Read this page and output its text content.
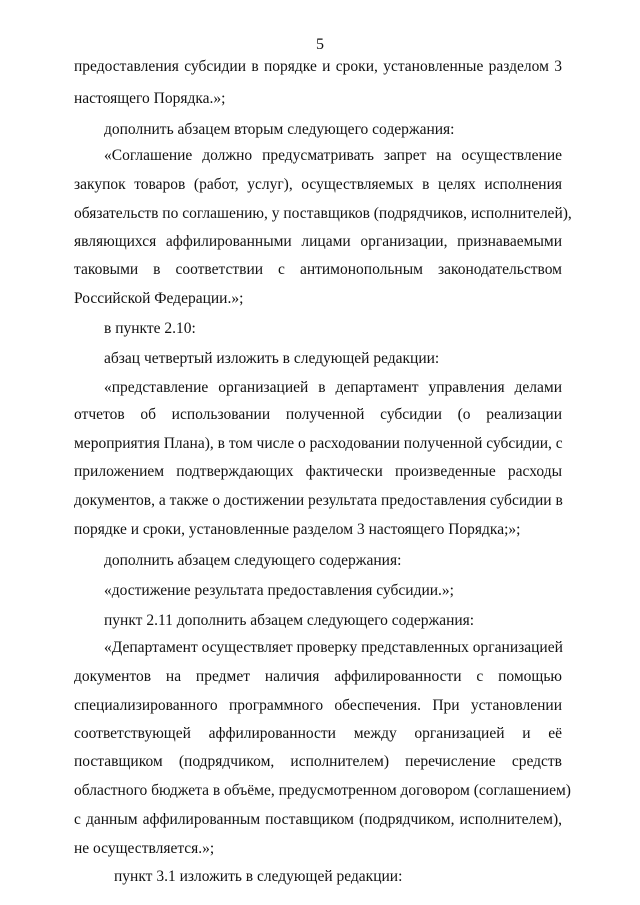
5
предоставления субсидии в порядке и сроки, установленные разделом 3
настоящего Порядка.»;
дополнить абзацем вторым следующего содержания:
«Соглашение должно предусматривать запрет на осуществление
закупок товаров (работ, услуг), осуществляемых в целях исполнения
обязательств по соглашению, у поставщиков (подрядчиков, исполнителей),
являющихся аффилированными лицами организации, признаваемыми
таковыми в соответствии с антимонопольным законодательством
Российской Федерации.»;
в пункте 2.10:
абзац четвертый изложить в следующей редакции:
«представление организацией в департамент управления делами
отчетов об использовании полученной субсидии (о реализации
мероприятия Плана), в том числе о расходовании полученной субсидии, с
приложением подтверждающих фактически произведенные расходы
документов, а также о достижении результата предоставления субсидии в
порядке и сроки, установленные разделом 3 настоящего Порядка;»;
дополнить абзацем следующего содержания:
«достижение результата предоставления субсидии.»;
пункт 2.11 дополнить абзацем следующего содержания:
«Департамент осуществляет проверку представленных организацией
документов на предмет наличия аффилированности с помощью
специализированного программного обеспечения. При установлении
соответствующей аффилированности между организацией и её
поставщиком (подрядчиком, исполнителем) перечисление средств
областного бюджета в объёме, предусмотренном договором (соглашением)
с данным аффилированным поставщиком (подрядчиком, исполнителем),
не осуществляется.»;
пункт 3.1 изложить в следующей редакции:
